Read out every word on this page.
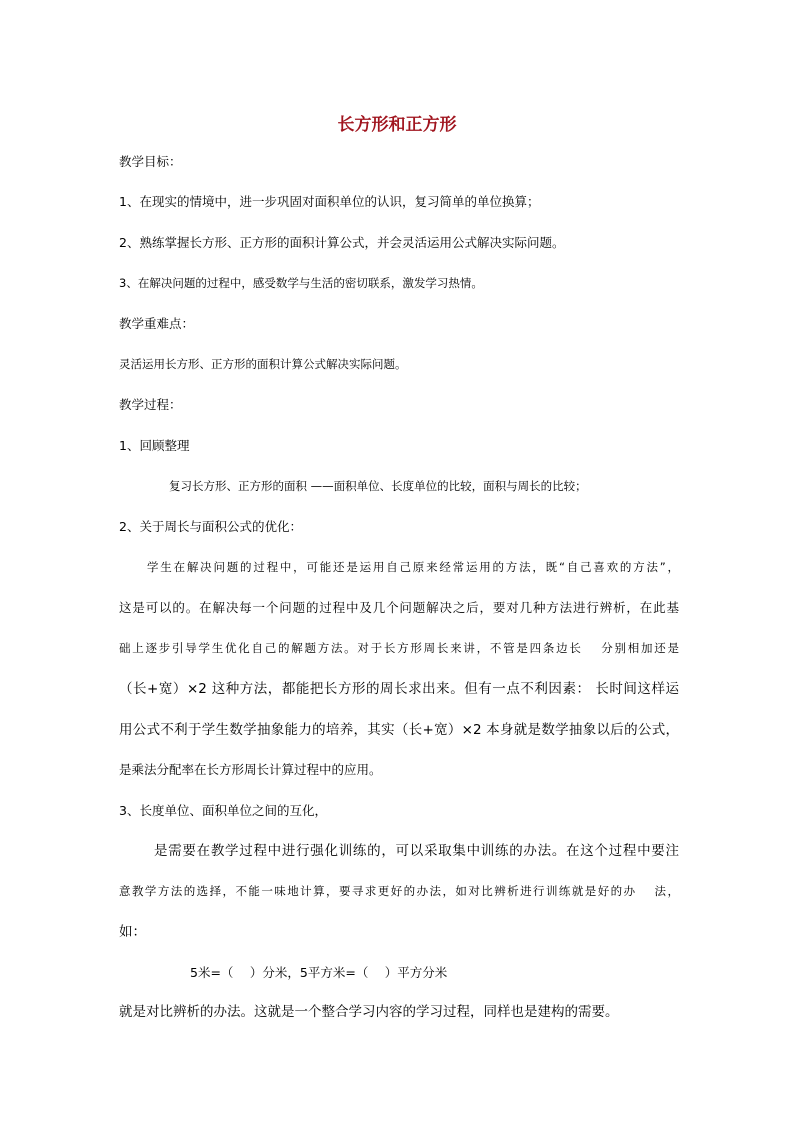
长方形和正方形

教学目标：

1、在现实的情境中，进一步巩固对面积单位的认识，复习简单的单位换算；

2、熟练掌握长方形、正方形的面积计算公式，并会灵活运用公式解决实际问题。

3、在解决问题的过程中，感受数学与生活的密切联系，激发学习热情。

教学重难点：

灵活运用长方形、正方形的面积计算公式解决实际问题。

教学过程：

1、回顾整理

复习长方形、正方形的面积 ——面积单位、长度单位的比较，面积与周长的比较；

2、关于周长与面积公式的优化：

学生在解决问题的过程中，可能还是运用自己原来经常运用的方法，既“自己喜欢的方法”，

这是可以的。在解决每一个问题的过程中及几个问题解决之后，要对几种方法进行辨析，在此基

础上逐步引导学生优化自己的解题方法。对于长方形周长来讲，不管是四条边长　 分别相加还是

（长+宽）×2 这种方法，都能把长方形的周长求出来。但有一点不利因素： 长时间这样运

用公式不利于学生数学抽象能力的培养，其实（长+宽）×2 本身就是数学抽象以后的公式，

是乘法分配率在长方形周长计算过程中的应用。

3、长度单位、面积单位之间的互化，

是需要在教学过程中进行强化训练的，可以采取集中训练的办法。在这个过程中要注

意教学方法的选择，不能一味地计算，要寻求更好的办法，如对比辨析进行训练就是好的办　 法，

如：

5米=（　 ）分米，5平方米=（　 ）平方分米

就是对比辨析的办法。这就是一个整合学习内容的学习过程，同样也是建构的需要。
